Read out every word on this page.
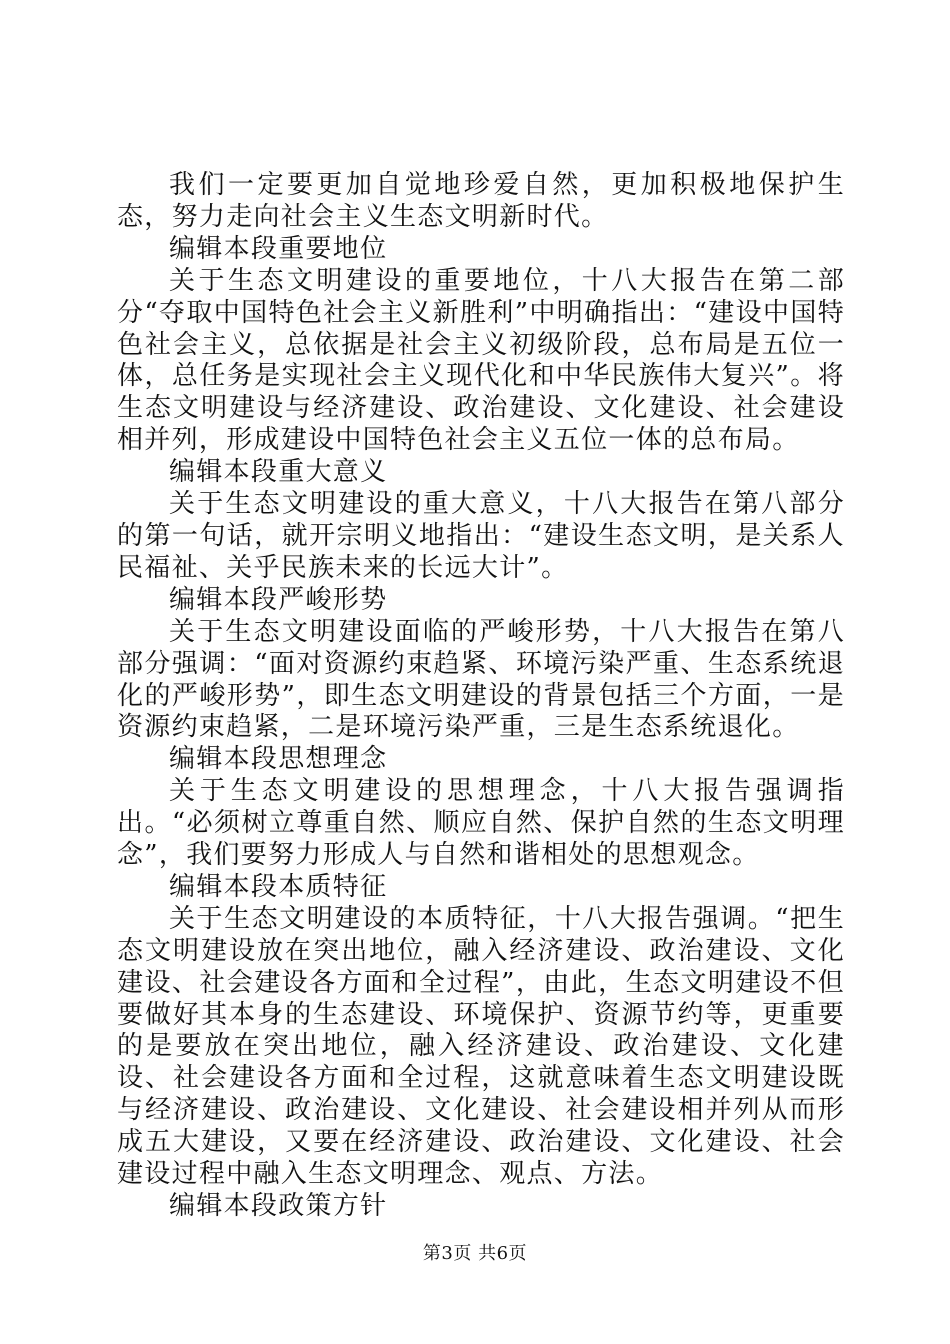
我们一定要更加自觉地珍爱自然，更加积极地保护生态，努力走向社会主义生态文明新时代。

编辑本段重要地位

关于生态文明建设的重要地位，十八大报告在第二部分“夺取中国特色社会主义新胜利”中明确指出：“建设中国特色社会主义，总依据是社会主义初级阶段，总布局是五位一体，总任务是实现社会主义现代化和中华民族伟大复兴”。将生态文明建设与经济建设、政治建设、文化建设、社会建设相并列，形成建设中国特色社会主义五位一体的总布局。

编辑本段重大意义

关于生态文明建设的重大意义，十八大报告在第八部分的第一句话，就开宗明义地指出：“建设生态文明，是关系人民福祉、关乎民族未来的长远大计”。

编辑本段严峻形势

关于生态文明建设面临的严峻形势，十八大报告在第八部分强调：“面对资源约束趋紧、环境污染严重、生态系统退化的严峻形势”，即生态文明建设的背景包括三个方面，一是资源约束趋紧，二是环境污染严重，三是生态系统退化。

编辑本段思想理念

关于生态文明建设的思想理念，十八大报告强调指出。“必须树立尊重自然、顺应自然、保护自然的生态文明理念”，我们要努力形成人与自然和谐相处的思想观念。

编辑本段本质特征

关于生态文明建设的本质特征，十八大报告强调。“把生态文明建设放在突出地位，融入经济建设、政治建设、文化建设、社会建设各方面和全过程”，由此，生态文明建设不但要做好其本身的生态建设、环境保护、资源节约等，更重要的是要放在突出地位，融入经济建设、政治建设、文化建设、社会建设各方面和全过程，这就意味着生态文明建设既与经济建设、政治建设、文化建设、社会建设相并列从而形成五大建设，又要在经济建设、政治建设、文化建设、社会建设过程中融入生态文明理念、观点、方法。

编辑本段政策方针

第3页 共6页
